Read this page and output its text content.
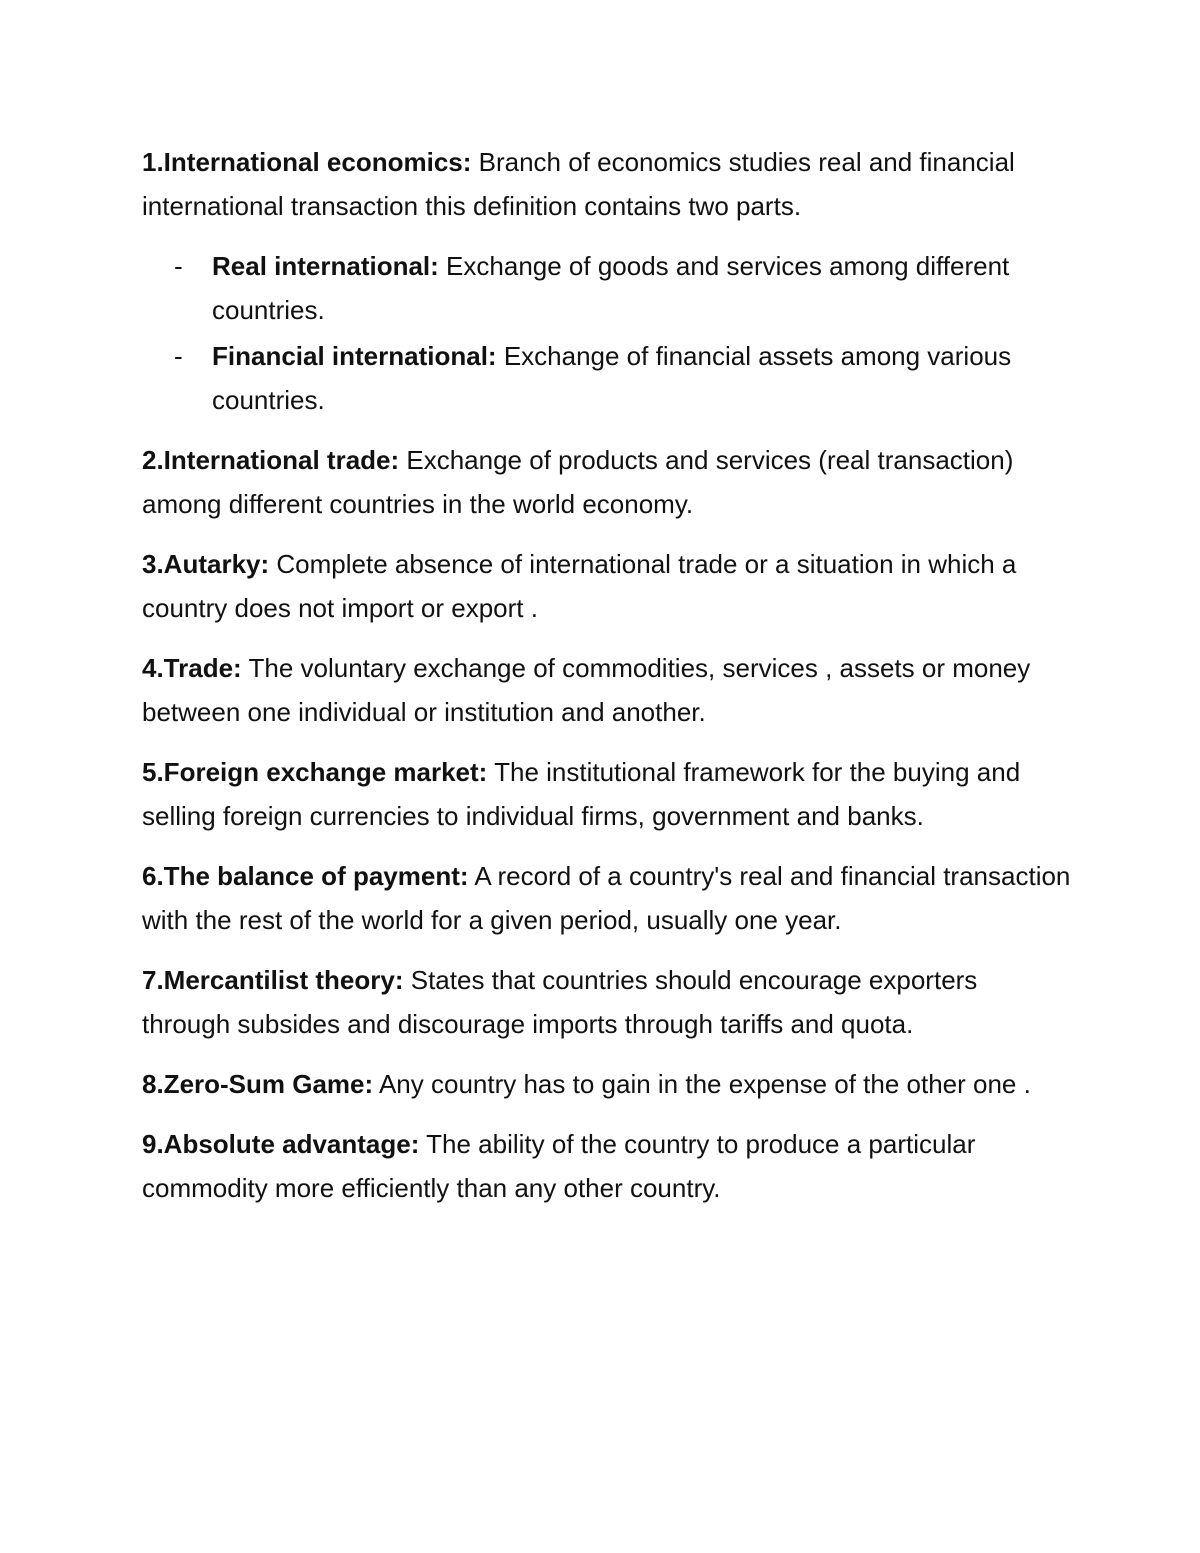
1.International economics: Branch of economics studies real and financial international transaction this definition contains two parts.

- Real international: Exchange of goods and services among different countries.
- Financial international: Exchange of financial assets among various countries.

2.International trade: Exchange of products and services (real transaction) among different countries in the world economy.

3.Autarky: Complete absence of international trade or a situation in which a country does not import or export .

4.Trade: The voluntary exchange of commodities, services , assets or money between one individual or institution and another.

5.Foreign exchange market: The institutional framework for the buying and selling foreign currencies to individual firms, government and banks.

6.The balance of payment: A record of a country's real and financial transaction with the rest of the world for a given period, usually one year.

7.Mercantilist theory: States that countries should encourage exporters through subsides and discourage imports through tariffs and quota.

8.Zero-Sum Game: Any country has to gain in the expense of the other one .

9.Absolute advantage: The ability of the country to produce a particular commodity more efficiently than any other country.
